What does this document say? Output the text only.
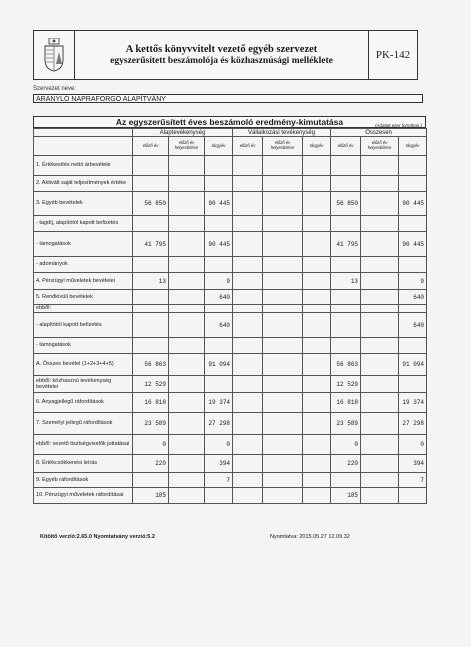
A kettős könyvvitelt vezető egyéb szervezet
egyszerűsített beszámolója és közhasznúsági melléklete	PK-142
Szervezet neve:
ARANYLÓ NAPRAFORGÓ ALAPÍTVÁNY
Az egyszerűsített éves beszámoló eredmény-kimutatása	(Adatok ezer forintban.)
	Alaptevékenység			Vállalkozási tevékenység			Összesen		
	előző év	előző év helyesbítése	tárgyév	előző év	előző év helyesbítése	tárgyév	előző év	előző év helyesbítése	tárgyév
1. Értékesítés nettó árbevétele									
2. Aktivált saját teljesítmények értéke									
3. Egyéb bevételek	56 850		90 445				56 850		90 445
- tagdíj, alapítótól kapott befizetés									
- támogatások	41 795		90 445				41 795		90 445
- adományok									
4. Pénzügyi műveletek bevételei	13		9				13		9
5. Rendkívüli bevételek			640						640
ebből:									
- alapítótól kapott befizetés			640						640
- támogatások									
A. Összes bevétel (1+2+3+4+5)	56 863		91 094				56 863		91 094
ebből: közhasznú tevékenység bevételei	12 529						12 529		
6. Anyagjellegű ráfordítások	16 818		19 374				16 818		19 374
7. Személyi jellegű ráfordítások	23 589		27 298				23 589		27 298
ebből: vezető tisztségviselők juttatásai	0		0				0		0
8. Értékcsökkenési leírás	220		394				220		394
9. Egyéb ráfordítások			7						7
10. Pénzügyi műveletek ráfordításai	185						185		
Kitöltő verzió:2.65.0 Nyomtatvány verzió:5.2	Nyomtatva: 2015.05.27 12.09.32
